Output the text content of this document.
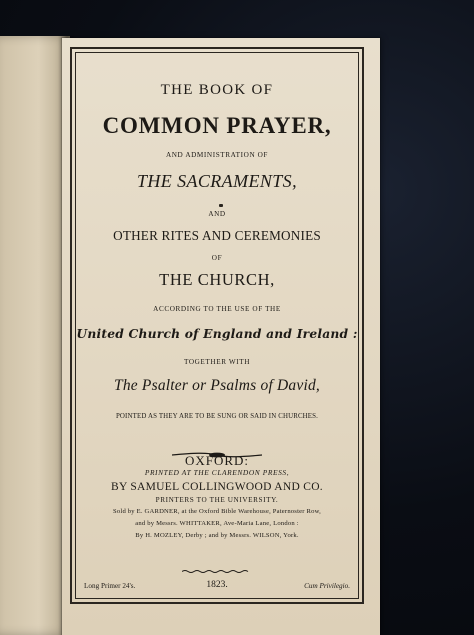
THE BOOK OF
COMMON PRAYER,
AND ADMINISTRATION OF
THE SACRAMENTS,
AND
OTHER RITES AND CEREMONIES
OF
THE CHURCH,
ACCORDING TO THE USE OF THE
United Church of England and Ireland :
TOGETHER WITH
The Psalter or Psalms of David,
POINTED AS THEY ARE TO BE SUNG OR SAID IN CHURCHES.
OXFORD:
PRINTED AT THE CLARENDON PRESS,
BY SAMUEL COLLINGWOOD AND CO.
PRINTERS TO THE UNIVERSITY.
Sold by E. GARDNER, at the Oxford Bible Warehouse, Paternoster Row,
and by Messrs. WHITTAKER, Ave-Maria Lane, London :
By H. MOZLEY, Derby ; and by Messrs. WILSON, York.
Long Primer 24's.	1823.	Cum Privilegio.
